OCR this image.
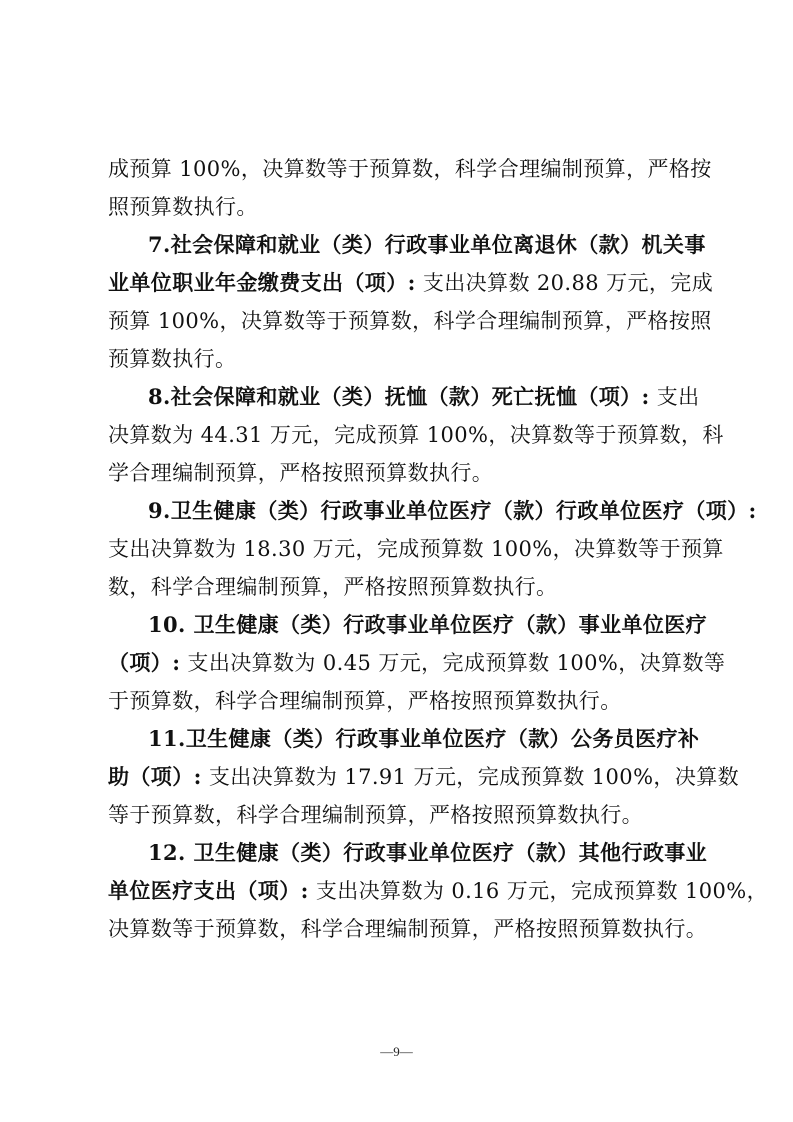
成预算 100%，决算数等于预算数，科学合理编制预算，严格按
照预算数执行。
7.社会保障和就业（类）行政事业单位离退休（款）机关事
业单位职业年金缴费支出（项）: 支出决算数 20.88 万元，完成
预算 100%，决算数等于预算数，科学合理编制预算，严格按照
预算数执行。
8.社会保障和就业（类）抚恤（款）死亡抚恤（项）: 支出
决算数为 44.31 万元，完成预算 100%，决算数等于预算数，科
学合理编制预算，严格按照预算数执行。
9.卫生健康（类）行政事业单位医疗（款）行政单位医疗（项）:
支出决算数为 18.30 万元，完成预算数 100%，决算数等于预算
数，科学合理编制预算，严格按照预算数执行。
10. 卫生健康（类）行政事业单位医疗（款）事业单位医疗
（项）: 支出决算数为 0.45 万元，完成预算数 100%，决算数等
于预算数，科学合理编制预算，严格按照预算数执行。
11.卫生健康（类）行政事业单位医疗（款）公务员医疗补
助（项）: 支出决算数为 17.91 万元，完成预算数 100%，决算数
等于预算数，科学合理编制预算，严格按照预算数执行。
12. 卫生健康（类）行政事业单位医疗（款）其他行政事业
单位医疗支出（项）: 支出决算数为 0.16 万元，完成预算数 100%，
决算数等于预算数，科学合理编制预算，严格按照预算数执行。
—9—
